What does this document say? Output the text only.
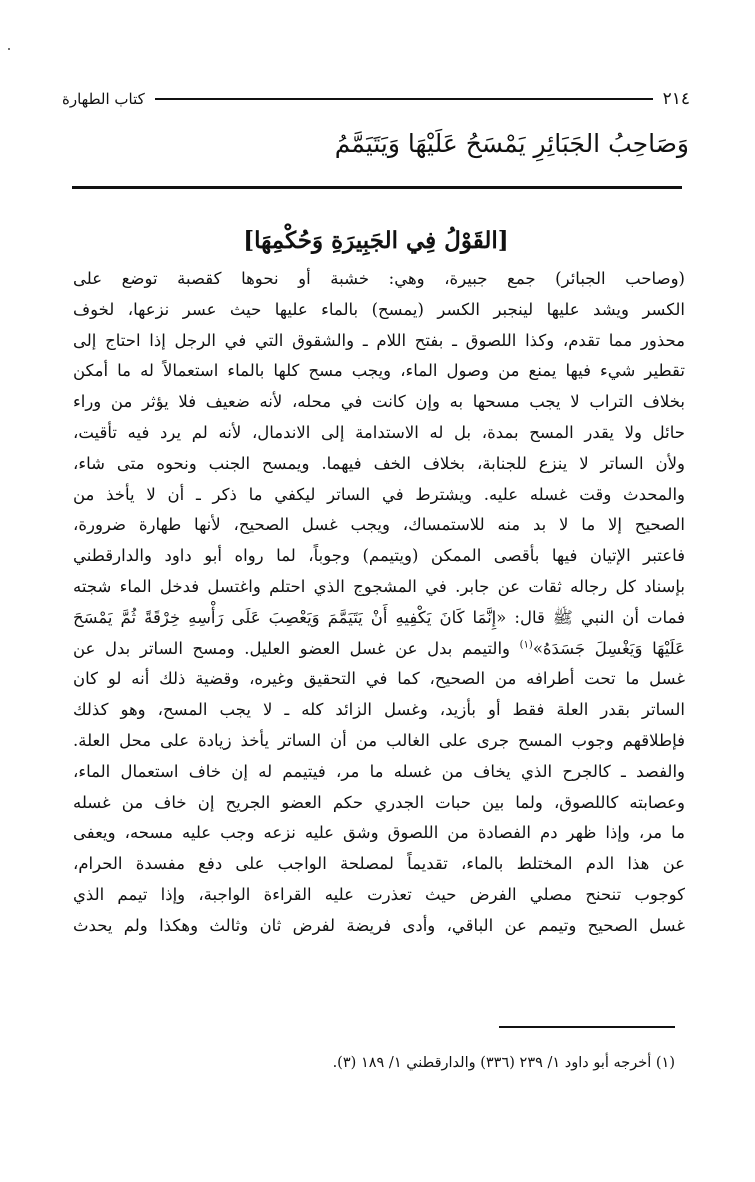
كتاب الطهارة	٢١٤
وَصَاحِبُ الجَبَائِرِ يَمْسَحُ عَلَيْهَا وَيَتَيَمَّمُ
[القَوْلُ فِي الجَبِيرَةِ وَحُكْمِهَا]
(وصاحب الجبائر) جمع جبيرة، وهي: خشبة أو نحوها كقصبة توضع على
الكسر ويشد عليها لينجبر الكسر (يمسح) بالماء عليها حيث عسر نزعها، لخوف
محذور مما تقدم، وكذا اللصوق ـ بفتح اللام ـ والشقوق التي في الرجل إذا احتاج إلى
تقطير شيء فيها يمنع من وصول الماء، ويجب مسح كلها بالماء استعمالاً له ما أمكن
بخلاف التراب لا يجب مسحها به وإن كانت في محله، لأنه ضعيف فلا يؤثر من وراء
حائل ولا يقدر المسح بمدة، بل له الاستدامة إلى الاندمال، لأنه لم يرد فيه تأقيت،
ولأن الساتر لا ينزع للجنابة، بخلاف الخف فيهما. ويمسح الجنب ونحوه متى شاء،
والمحدث وقت غسله عليه. ويشترط في الساتر ليكفي ما ذكر ـ أن لا يأخذ من
الصحيح إلا ما لا بد منه للاستمساك، ويجب غسل الصحيح، لأنها طهارة ضرورة،
فاعتبر الإتيان فيها بأقصى الممكن (ويتيمم) وجوباً، لما رواه أبو داود والدارقطني
بإسناد كل رجاله ثقات عن جابر. في المشجوج الذي احتلم واغتسل فدخل الماء شجته
فمات أن النبي ﷺ قال: «إِنَّمَا كَانَ يَكْفِيهِ أَنْ يَتَيَمَّمَ وَيَعْصِبَ عَلَى رَأْسِهِ خِرْقَةً ثُمَّ يَمْسَحَ
عَلَيْهَا وَيَغْسِلَ جَسَدَهُ»$^{(١)}$ والتيمم بدل عن غسل العضو العليل. ومسح الساتر بدل عن
غسل ما تحت أطرافه من الصحيح، كما في التحقيق وغيره، وقضية ذلك أنه لو كان
الساتر بقدر العلة فقط أو بأزيد، وغسل الزائد كله ـ لا يجب المسح، وهو كذلك
فإطلاقهم وجوب المسح جرى على الغالب من أن الساتر يأخذ زيادة على محل العلة.
والفصد ـ كالجرح الذي يخاف من غسله ما مر، فيتيمم له إن خاف استعمال الماء،
وعصابته كاللصوق، ولما بين حبات الجدري حكم العضو الجريح إن خاف من غسله
ما مر، وإذا ظهر دم الفصادة من اللصوق وشق عليه نزعه وجب عليه مسحه، ويعفى
عن هذا الدم المختلط بالماء، تقديماً لمصلحة الواجب على دفع مفسدة الحرام،
كوجوب تنحنح مصلي الفرض حيث تعذرت عليه القراءة الواجبة، وإذا تيمم الذي
غسل الصحيح وتيمم عن الباقي، وأدى فريضة لفرض ثان وثالث وهكذا ولم يحدث
(١) أخرجه أبو داود ١/ ٢٣٩ (٣٣٦) والدارقطني ١/ ١٨٩ (٣).
